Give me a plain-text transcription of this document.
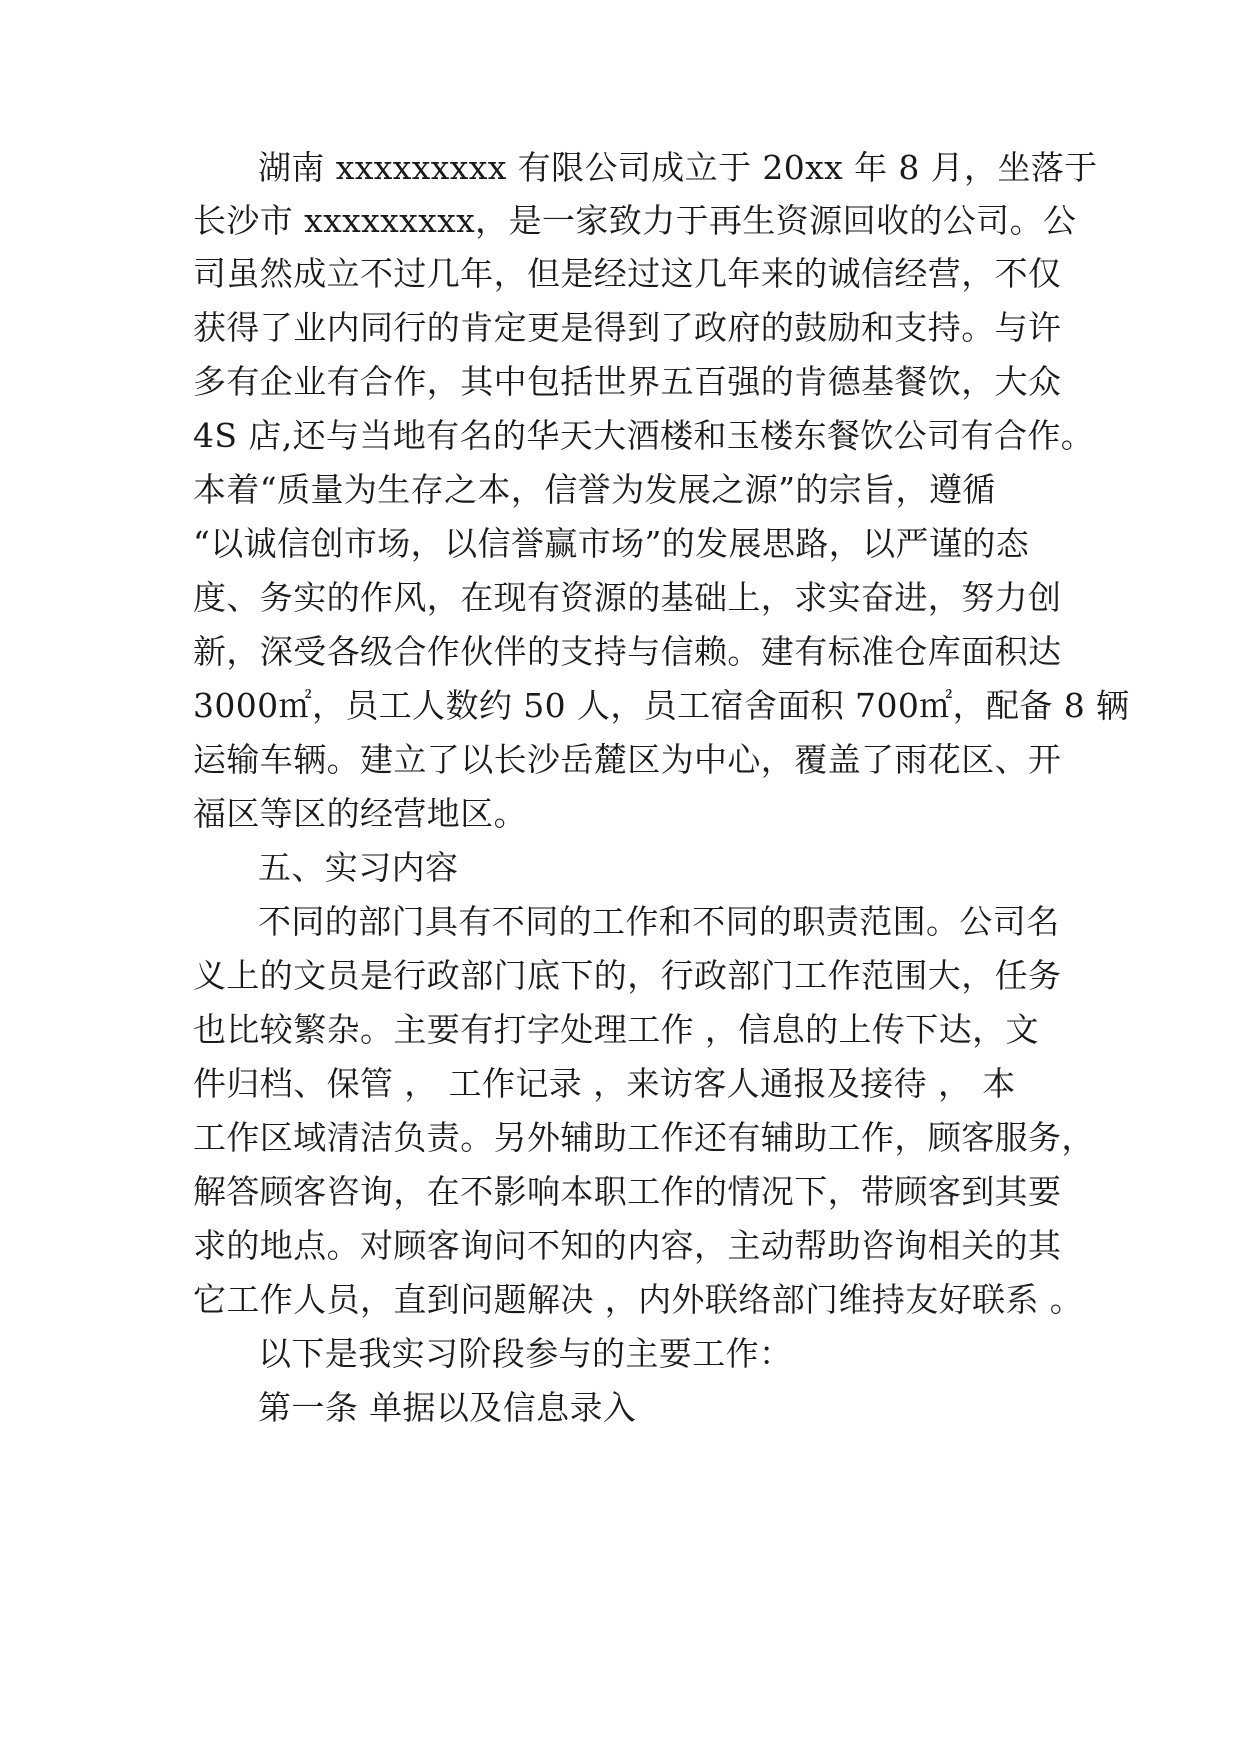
湖南 xxxxxxxxx 有限公司成立于 20xx 年 8 月，坐落于
长沙市 xxxxxxxxx，是一家致力于再生资源回收的公司。公
司虽然成立不过几年，但是经过这几年来的诚信经营，不仅
获得了业内同行的肯定更是得到了政府的鼓励和支持。与许
多有企业有合作，其中包括世界五百强的肯德基餐饮，大众
4S 店,还与当地有名的华天大酒楼和玉楼东餐饮公司有合作。
本着“质量为生存之本，信誉为发展之源”的宗旨，遵循
“以诚信创市场，以信誉赢市场”的发展思路，以严谨的态
度、务实的作风，在现有资源的基础上，求实奋进，努力创
新，深受各级合作伙伴的支持与信赖。建有标准仓库面积达
3000㎡，员工人数约 50 人，员工宿舍面积 700㎡，配备 8 辆
运输车辆。建立了以长沙岳麓区为中心，覆盖了雨花区、开
福区等区的经营地区。
五、实习内容
不同的部门具有不同的工作和不同的职责范围。公司名
义上的文员是行政部门底下的，行政部门工作范围大，任务
也比较繁杂。主要有打字处理工作 ，信息的上传下达，文
件归档、保管 ， 工作记录 ，来访客人通报及接待 ， 本
工作区域清洁负责。另外辅助工作还有辅助工作，顾客服务，
解答顾客咨询，在不影响本职工作的情况下，带顾客到其要
求的地点。对顾客询问不知的内容，主动帮助咨询相关的其
它工作人员，直到问题解决 ，内外联络部门维持友好联系 。
以下是我实习阶段参与的主要工作：
第一条 单据以及信息录入
